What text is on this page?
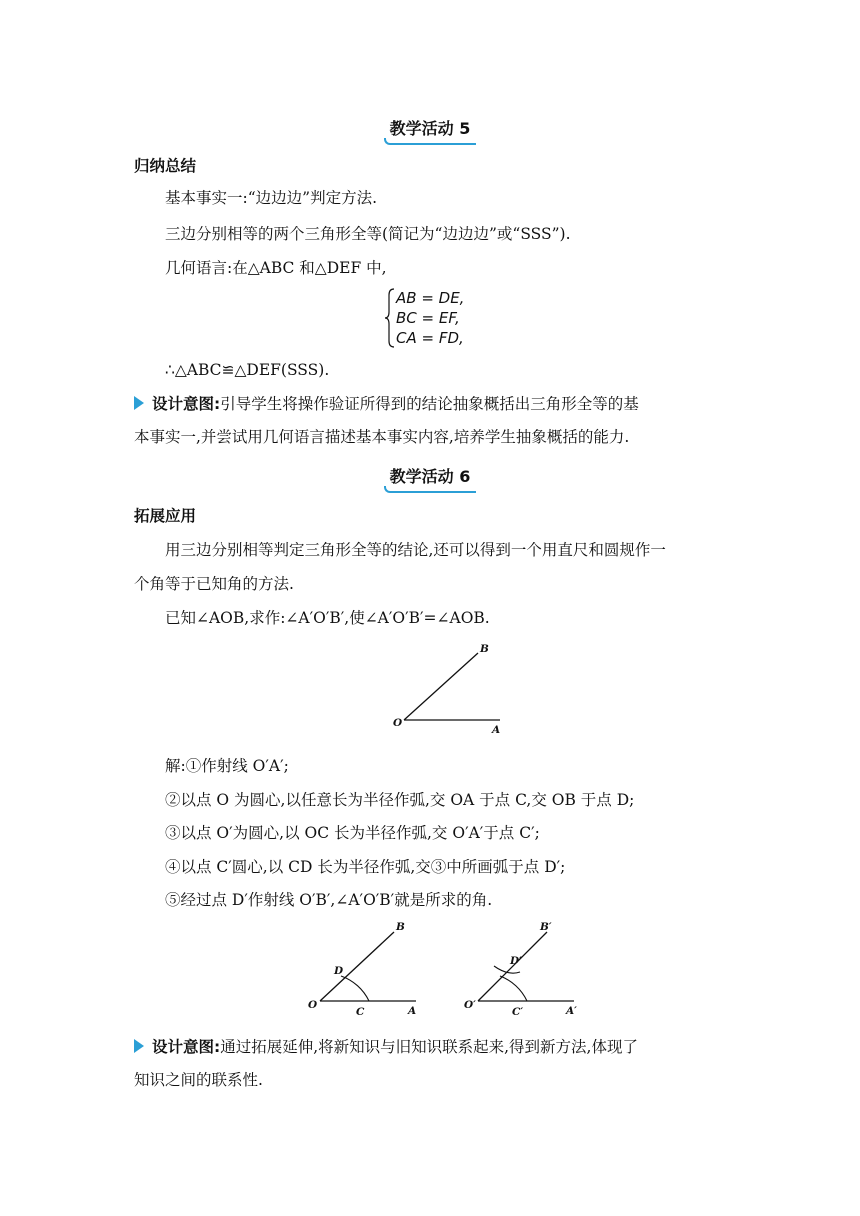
教学活动 5
归纳总结
基本事实一:“边边边”判定方法.
三边分别相等的两个三角形全等(简记为“边边边”或“SSS”).
几何语言:在△ABC 和△DEF 中,
AB = DE,
BC = EF,
CA = FD,
∴△ABC≌△DEF(SSS).
设计意图:引导学生将操作验证所得到的结论抽象概括出三角形全等的基
本事实一,并尝试用几何语言描述基本事实内容,培养学生抽象概括的能力.
教学活动 6
拓展应用
用三边分别相等判定三角形全等的结论,还可以得到一个用直尺和圆规作一
个角等于已知角的方法.
已知∠AOB,求作:∠A′O′B′,使∠A′O′B′=∠AOB.
O
A
B
解:①作射线 O′A′;
②以点 O 为圆心,以任意长为半径作弧,交 OA 于点 C,交 OB 于点 D;
③以点 O′为圆心,以 OC 长为半径作弧,交 O′A′于点 C′;
④以点 C′圆心,以 CD 长为半径作弧,交③中所画弧于点 D′;
⑤经过点 D′作射线 O′B′,∠A′O′B′就是所求的角.
O	A
B
C
D
O′	A′
B′
C′
D′
设计意图:通过拓展延伸,将新知识与旧知识联系起来,得到新方法,体现了
知识之间的联系性.
